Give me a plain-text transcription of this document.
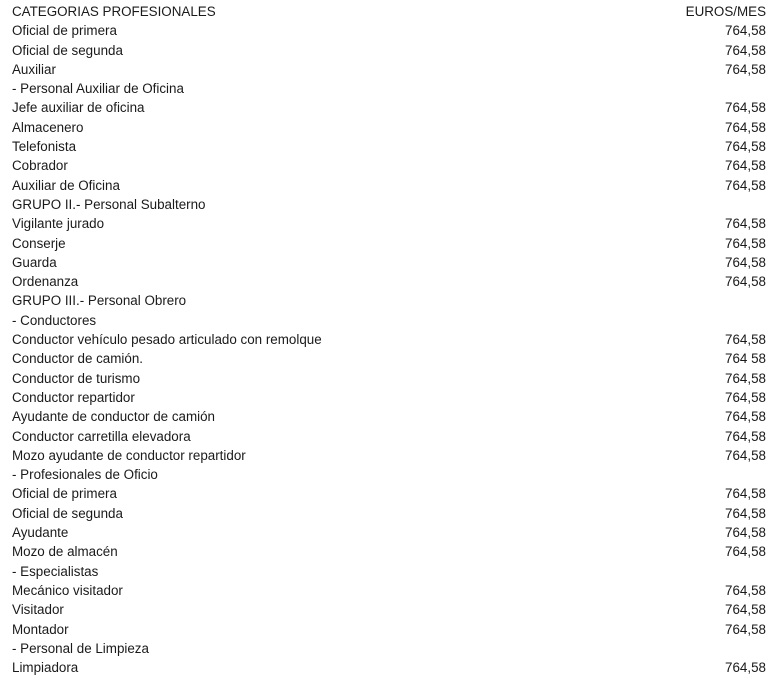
CATEGORIAS PROFESIONALES	EUROS/MES
Oficial de primera	764,58
Oficial de segunda	764,58
Auxiliar	764,58
- Personal Auxiliar de Oficina
Jefe auxiliar de oficina	764,58
Almacenero	764,58
Telefonista	764,58
Cobrador	764,58
Auxiliar de Oficina	764,58
GRUPO II.- Personal Subalterno
Vigilante jurado	764,58
Conserje	764,58
Guarda	764,58
Ordenanza	764,58
GRUPO III.- Personal Obrero
- Conductores
Conductor vehículo pesado articulado con remolque	764,58
Conductor de camión.	764 58
Conductor de turismo	764,58
Conductor repartidor	764,58
Ayudante de conductor de camión	764,58
Conductor carretilla elevadora	764,58
Mozo ayudante de conductor repartidor	764,58
- Profesionales de Oficio
Oficial de primera	764,58
Oficial de segunda	764,58
Ayudante	764,58
Mozo de almacén	764,58
- Especialistas
Mecánico visitador	764,58
Visitador	764,58
Montador	764,58
- Personal de Limpieza
Limpiadora	764,58
